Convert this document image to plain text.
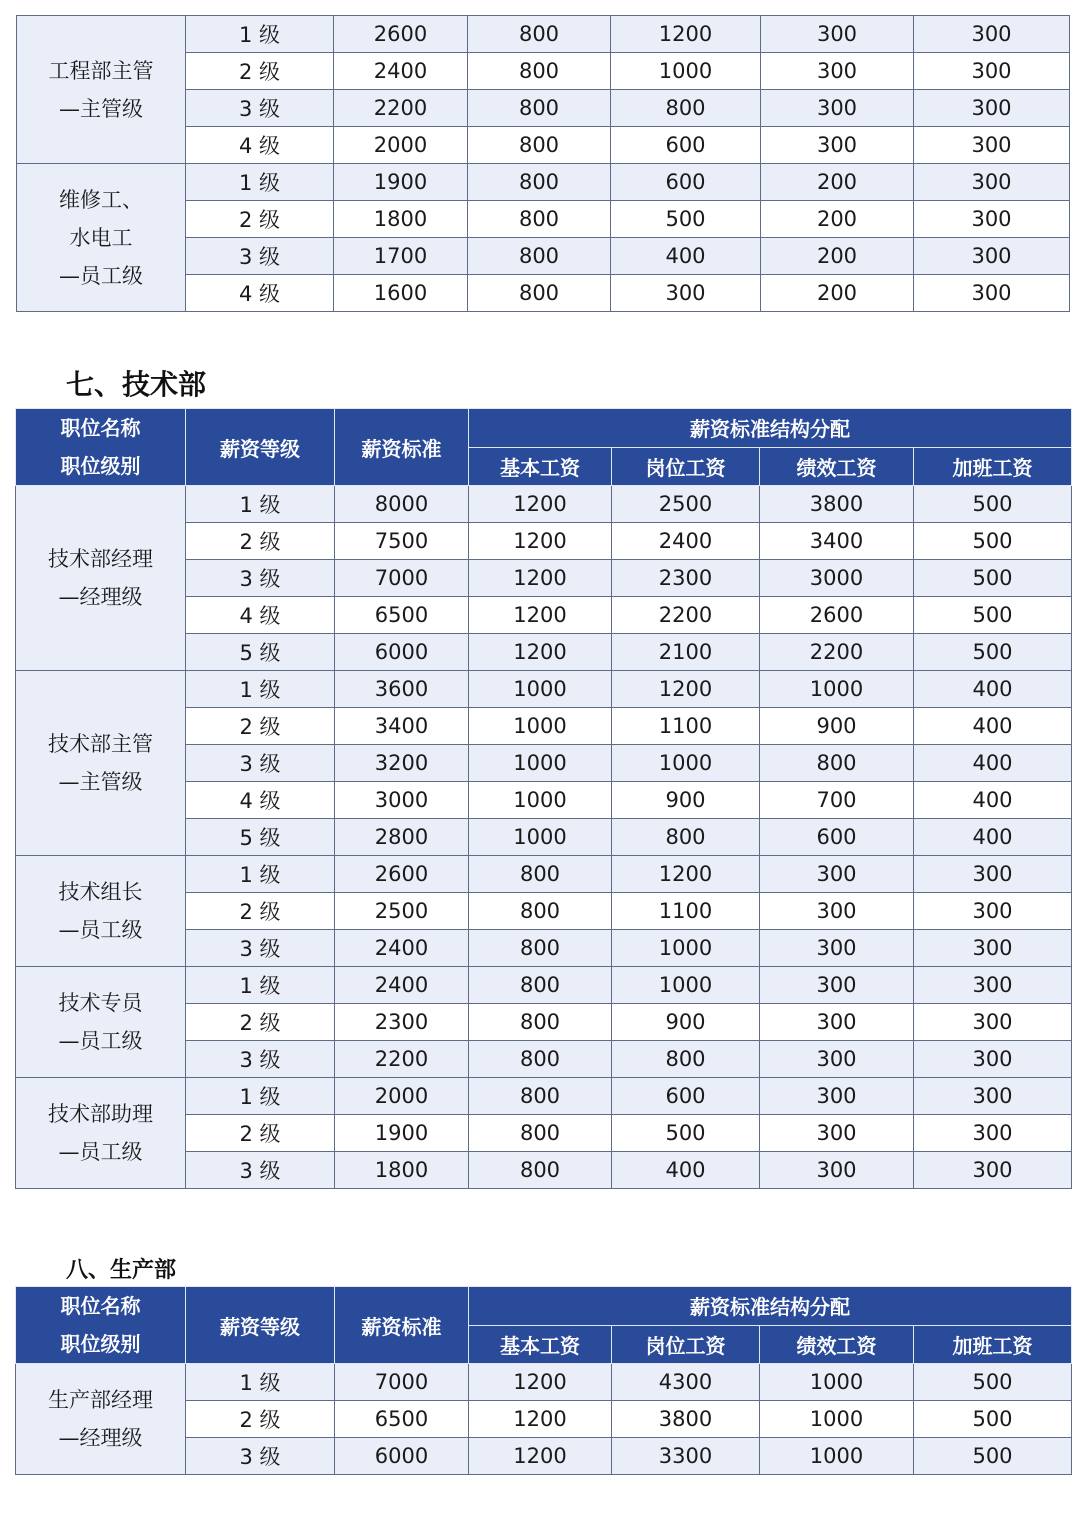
工程部主管
—主管级	1 级	2600	800	1200	300	300
	2 级	2400	800	1000	300	300
	3 级	2200	800	800	300	300
	4 级	2000	800	600	300	300

维修工、
水电工
—员工级	1 级	1900	800	600	200	300
	2 级	1800	800	500	200	300
	3 级	1700	800	400	200	300
	4 级	1600	800	300	200	300
七、技术部
职位名称
职位级别	薪资等级	薪资标准	薪资标准结构分配			
			基本工资	岗位工资	绩效工资	加班工资

技术部经理
—经理级	1 级	8000	1200	2500	3800	500
	2 级	7500	1200	2400	3400	500
	3 级	7000	1200	2300	3000	500
	4 级	6500	1200	2200	2600	500
	5 级	6000	1200	2100	2200	500

技术部主管
—主管级	1 级	3600	1000	1200	1000	400
	2 级	3400	1000	1100	900	400
	3 级	3200	1000	1000	800	400
	4 级	3000	1000	900	700	400
	5 级	2800	1000	800	600	400

技术组长
—员工级	1 级	2600	800	1200	300	300
	2 级	2500	800	1100	300	300
	3 级	2400	800	1000	300	300

技术专员
—员工级	1 级	2400	800	1000	300	300
	2 级	2300	800	900	300	300
	3 级	2200	800	800	300	300

技术部助理
—员工级	1 级	2000	800	600	300	300
	2 级	1900	800	500	300	300
	3 级	1800	800	400	300	300
八、生产部
职位名称
职位级别	薪资等级	薪资标准	薪资标准结构分配			
			基本工资	岗位工资	绩效工资	加班工资

生产部经理
—经理级	1 级	7000	1200	4300	1000	500
	2 级	6500	1200	3800	1000	500
	3 级	6000	1200	3300	1000	500
